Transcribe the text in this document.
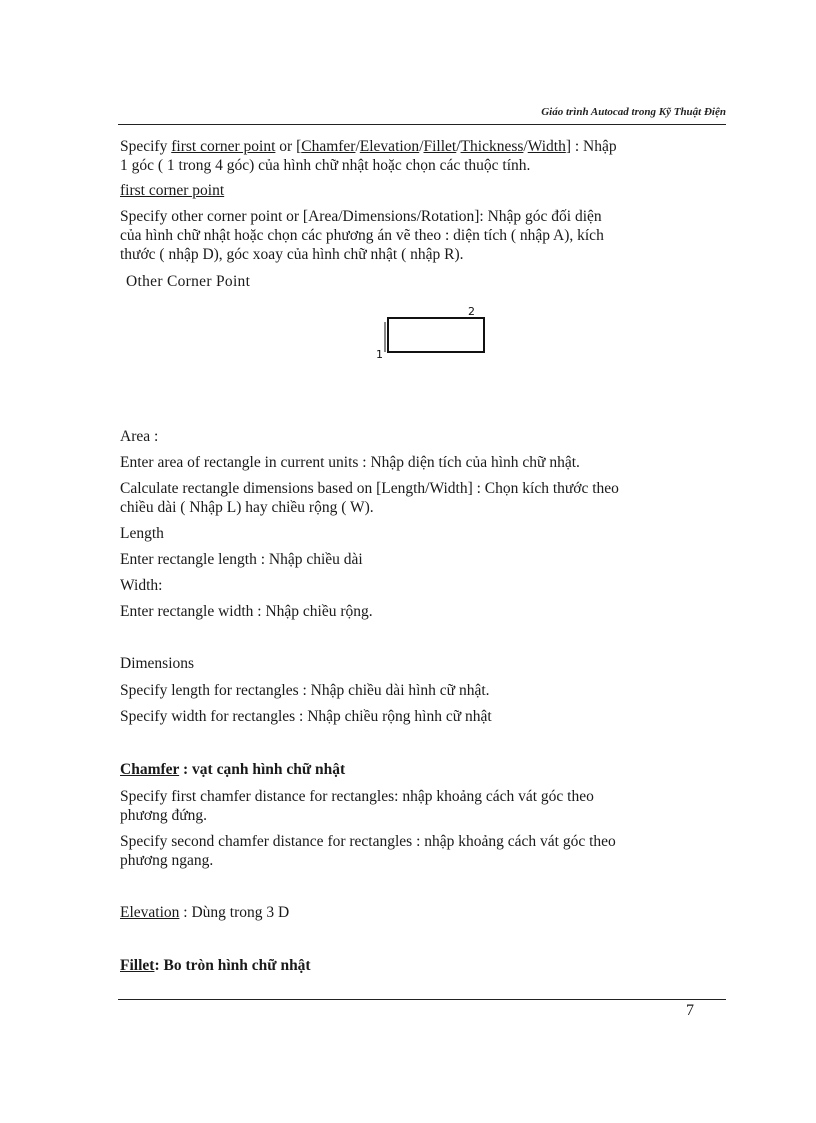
Giáo trình Autocad trong Kỹ Thuật Điện
Specify first corner point or [Chamfer/Elevation/Fillet/Thickness/Width] : Nhập
1 góc ( 1 trong 4 góc) của hình chữ nhật hoặc chọn các thuộc tính.
first corner point
Specify other corner point or [Area/Dimensions/Rotation]: Nhập góc đối diện
của hình chữ nhật hoặc chọn các phương án vẽ theo : diện tích ( nhập A), kích
thước ( nhập D), góc xoay của hình chữ nhật ( nhập R).
Other Corner Point
1
2
Area :
Enter area of rectangle in current units : Nhập diện tích của hình chữ nhật.
Calculate rectangle dimensions based on [Length/Width] : Chọn kích thước theo
chiều dài ( Nhập L) hay chiều rộng ( W).
Length
Enter rectangle length : Nhập chiều dài
Width:
Enter rectangle width : Nhập chiều rộng.
Dimensions
Specify length for rectangles : Nhập chiều dài hình cữ nhật.
Specify width for rectangles : Nhập chiều rộng hình cữ nhật
Chamfer : vạt cạnh hình chữ nhật
Specify first chamfer distance for rectangles: nhập khoảng cách vát góc theo
phương đứng.
Specify second chamfer distance for rectangles : nhập khoảng cách vát góc theo
phương ngang.
Elevation : Dùng trong 3 D
Fillet: Bo tròn hình chữ nhật
7
